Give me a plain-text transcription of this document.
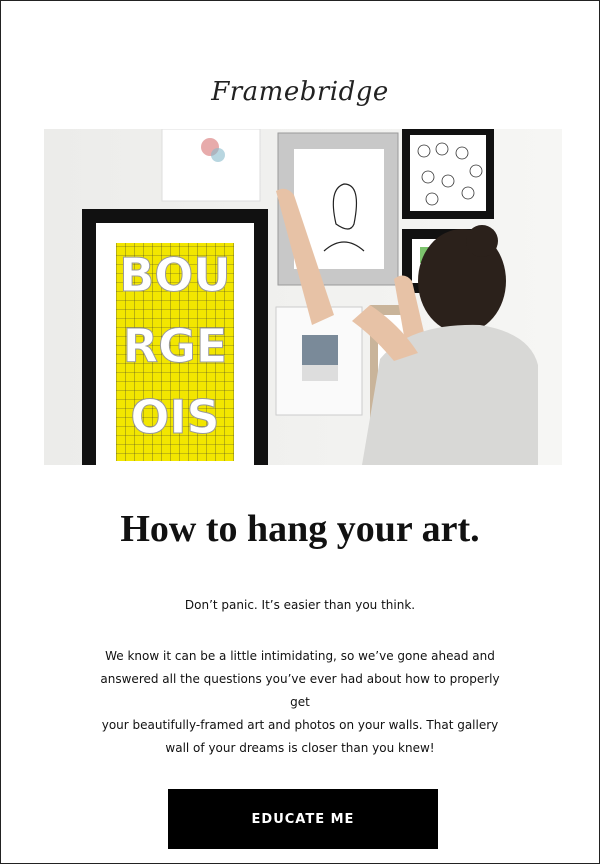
Framebridge
BOU
RGE
OIS
How to hang your art.

Don’t panic. It’s easier than you think.

We know it can be a little intimidating, so we’ve gone ahead and
answered all the questions you’ve ever had about how to properly get
your beautifully-framed art and photos on your walls. That gallery
wall of your dreams is closer than you knew!
EDUCATE ME
